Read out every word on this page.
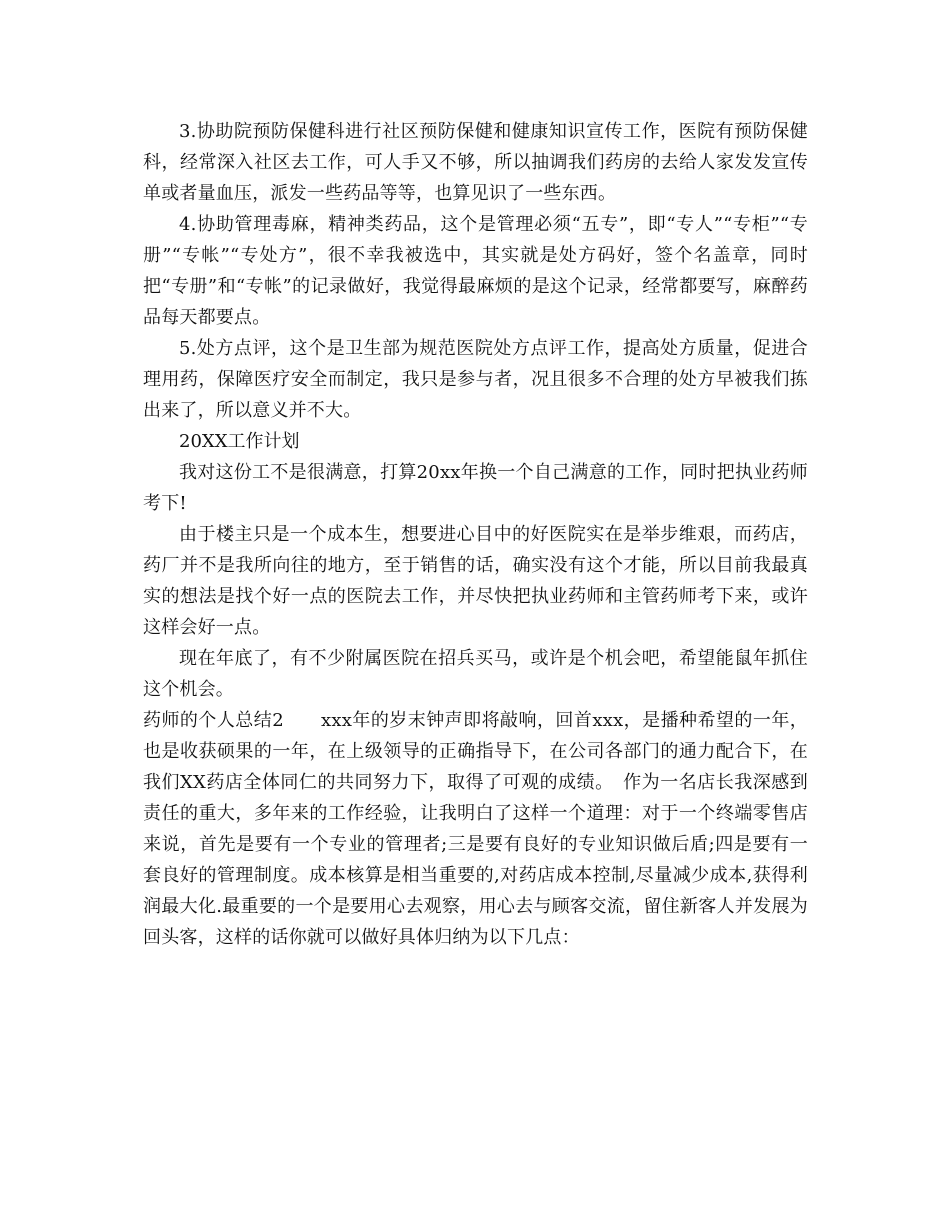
3.协助院预防保健科进行社区预防保健和健康知识宣传工作，医院有预防保健科，经常深入社区去工作，可人手又不够，所以抽调我们药房的去给人家发发宣传单或者量血压，派发一些药品等等，也算见识了一些东西。

4.协助管理毒麻，精神类药品，这个是管理必须“五专”，即“专人”“专柜”“专册”“专帐”“专处方”，很不幸我被选中，其实就是处方码好，签个名盖章，同时把“专册”和“专帐”的记录做好，我觉得最麻烦的是这个记录，经常都要写，麻醉药品每天都要点。

5.处方点评，这个是卫生部为规范医院处方点评工作，提高处方质量，促进合理用药，保障医疗安全而制定，我只是参与者，况且很多不合理的处方早被我们拣出来了，所以意义并不大。

20XX工作计划

我对这份工不是很满意，打算20xx年换一个自己满意的工作，同时把执业药师考下!

由于楼主只是一个成本生，想要进心目中的好医院实在是举步维艰，而药店，药厂并不是我所向往的地方，至于销售的话，确实没有这个才能，所以目前我最真实的想法是找个好一点的医院去工作，并尽快把执业药师和主管药师考下来，或许这样会好一点。

现在年底了，有不少附属医院在招兵买马，或许是个机会吧，希望能鼠年抓住这个机会。

药师的个人总结2　　xxx年的岁末钟声即将敲响，回首xxx，是播种希望的一年，也是收获硕果的一年，在上级领导的正确指导下，在公司各部门的通力配合下，在我们XX药店全体同仁的共同努力下，取得了可观的成绩。　作为一名店长我深感到责任的重大，多年来的工作经验，让我明白了这样一个道理：对于一个终端零售店来说，首先是要有一个专业的管理者;三是要有良好的专业知识做后盾;四是要有一套良好的管理制度。成本核算是相当重要的,对药店成本控制,尽量减少成本,获得利润最大化.最重要的一个是要用心去观察，用心去与顾客交流，留住新客人并发展为回头客，这样的话你就可以做好具体归纳为以下几点：
